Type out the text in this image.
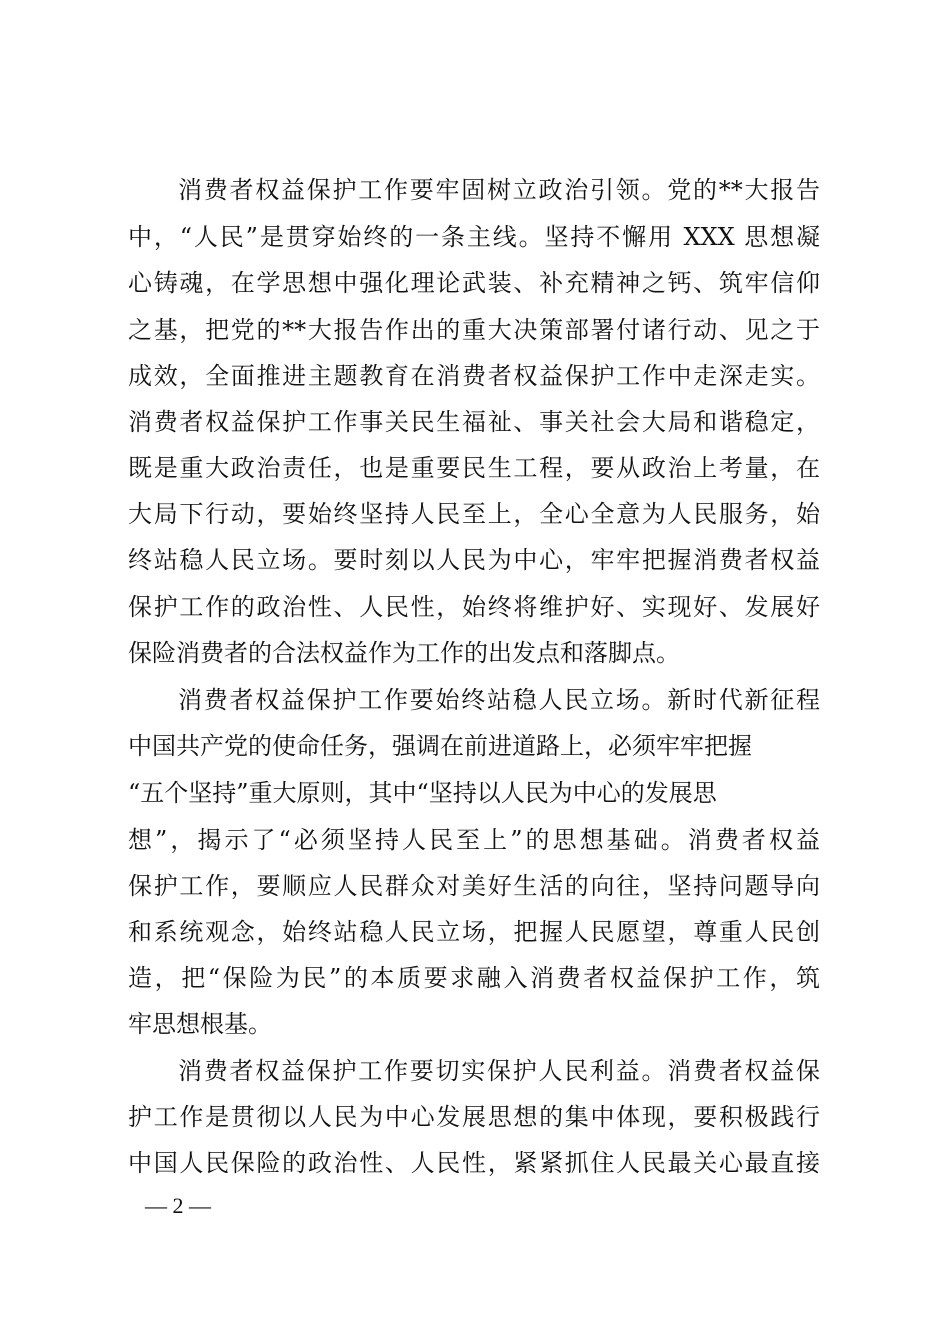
消费者权益保护工作要牢固树立政治引领。党的**大报告
中，“人民”是贯穿始终的一条主线。坚持不懈用 XXX 思想凝
心铸魂，在学思想中强化理论武装、补充精神之钙、筑牢信仰
之基，把党的**大报告作出的重大决策部署付诸行动、见之于
成效，全面推进主题教育在消费者权益保护工作中走深走实。
消费者权益保护工作事关民生福祉、事关社会大局和谐稳定，
既是重大政治责任，也是重要民生工程，要从政治上考量，在
大局下行动，要始终坚持人民至上，全心全意为人民服务，始
终站稳人民立场。要时刻以人民为中心，牢牢把握消费者权益
保护工作的政治性、人民性，始终将维护好、实现好、发展好
保险消费者的合法权益作为工作的出发点和落脚点。
消费者权益保护工作要始终站稳人民立场。新时代新征程
中国共产党的使命任务，强调在前进道路上，必须牢牢把握
“五个坚持”重大原则，其中“坚持以人民为中心的发展思
想”，揭示了“必须坚持人民至上”的思想基础。消费者权益
保护工作，要顺应人民群众对美好生活的向往，坚持问题导向
和系统观念，始终站稳人民立场，把握人民愿望，尊重人民创
造，把“保险为民”的本质要求融入消费者权益保护工作，筑
牢思想根基。
消费者权益保护工作要切实保护人民利益。消费者权益保
护工作是贯彻以人民为中心发展思想的集中体现，要积极践行
中国人民保险的政治性、人民性，紧紧抓住人民最关心最直接
— 2 —
